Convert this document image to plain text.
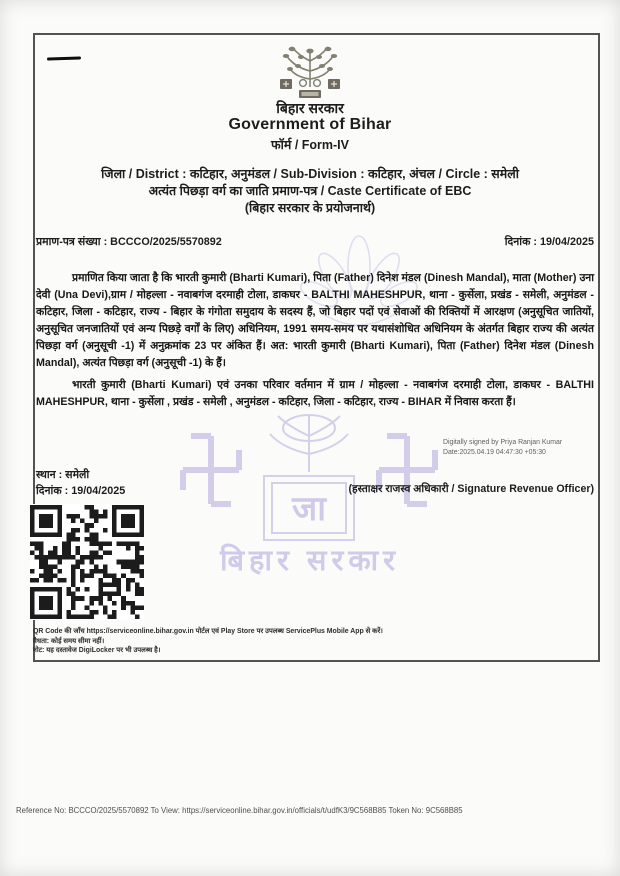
जा
बिहार सरकार
बिहार सरकार
Government of Bihar
फॉर्म / Form-IV
जिला / District : कटिहार, अनुमंडल / Sub-Division : कटिहार, अंचल / Circle : समेली
अत्यंत पिछड़ा वर्ग का जाति प्रमाण-पत्र / Caste Certificate of EBC
(बिहार सरकार के प्रयोजनार्थ)
प्रमाण-पत्र संख्या : BCCCO/2025/5570892	दिनांक : 19/04/2025
प्रमाणित किया जाता है कि भारती कुमारी (Bharti Kumari), पिता (Father) दिनेश मंडल (Dinesh Mandal), माता (Mother) उना देवी (Una Devi),ग्राम / मोहल्ला - नवाबगंज दरमाही टोला, डाकघर - BALTHI MAHESHPUR, थाना - कुर्सेला, प्रखंड - समेली, अनुमंडल - कटिहार, जिला - कटिहार, राज्य - बिहार के गंगोता समुदाय के सदस्य हैं, जो बिहार पदों एवं सेवाओं की रिक्तियों में आरक्षण (अनुसूचित जातियों, अनुसूचित जनजातियों एवं अन्य पिछड़े वर्गों के लिए) अधिनियम, 1991 समय-समय पर यथासंशोधित अधिनियम के अंतर्गत बिहार राज्य की अत्यंत पिछड़ा वर्ग (अनुसूची -1) में अनुक्रमांक 23 पर अंकित हैं। अत: भारती कुमारी (Bharti Kumari), पिता (Father) दिनेश मंडल (Dinesh Mandal), अत्यंत पिछड़ा वर्ग (अनुसूची -1) के हैं।
भारती कुमारी (Bharti Kumari) एवं उनका परिवार वर्तमान में ग्राम / मोहल्ला - नवाबगंज दरमाही टोला, डाकघर - BALTHI MAHESHPUR, थाना - कुर्सेला , प्रखंड - समेली , अनुमंडल - कटिहार, जिला - कटिहार, राज्य - BIHAR में निवास करता हैं।
Digitally signed by Priya Ranjan Kumar
Date:2025.04.19 04:47:30 +05:30
स्थान : समेली
दिनांक : 19/04/2025	(हस्ताक्षर राजस्व अधिकारी / Signature Revenue Officer)
QR Code की जाँच https://serviceonline.bihar.gov.in पोर्टल एवं Play Store पर उपलब्ध ServicePlus Mobile App से करें।
वैधता: कोई समय सीमा नहीं।
नोट: यह दस्तावेज DigiLocker पर भी उपलब्ध है।
Reference No: BCCCO/2025/5570892 To View: https://serviceonline.bihar.gov.in/officials/t/udfK3/9C568B85 Token No: 9C568B85
